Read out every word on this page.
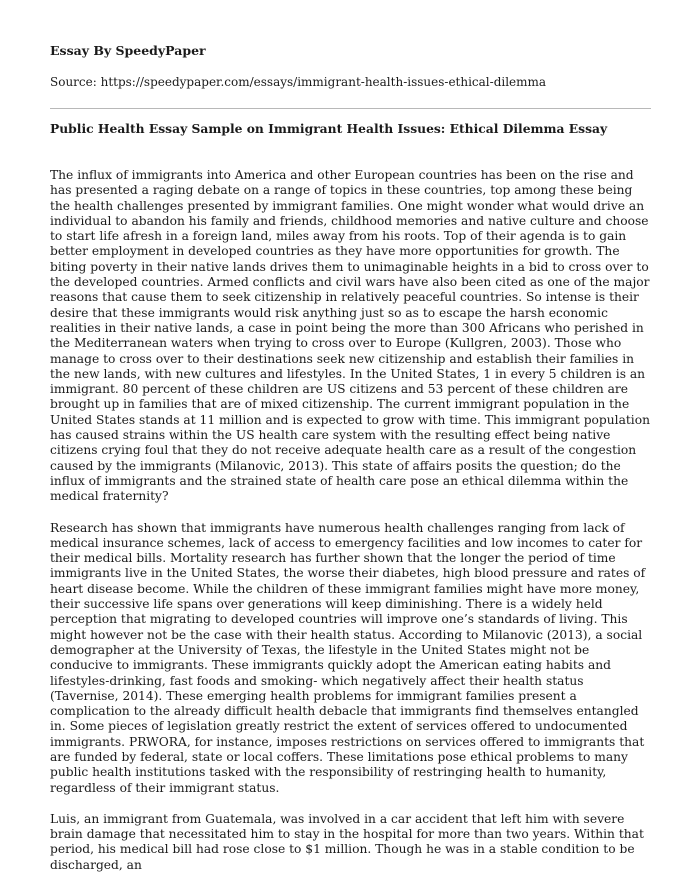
Essay By SpeedyPaper
Source: https://speedypaper.com/essays/immigrant-health-issues-ethical-dilemma
Public Health Essay Sample on Immigrant Health Issues: Ethical Dilemma Essay

The influx of immigrants into America and other European countries has been on the rise and has presented a raging debate on a range of topics in these countries, top among these being the health challenges presented by immigrant families. One might wonder what would drive an individual to abandon his family and friends, childhood memories and native culture and choose to start life afresh in a foreign land, miles away from his roots. Top of their agenda is to gain better employment in developed countries as they have more opportunities for growth. The biting poverty in their native lands drives them to unimaginable heights in a bid to cross over to the developed countries. Armed conflicts and civil wars have also been cited as one of the major reasons that cause them to seek citizenship in relatively peaceful countries. So intense is their desire that these immigrants would risk anything just so as to escape the harsh economic realities in their native lands, a case in point being the more than 300 Africans who perished in the Mediterranean waters when trying to cross over to Europe (Kullgren, 2003). Those who manage to cross over to their destinations seek new citizenship and establish their families in the new lands, with new cultures and lifestyles. In the United States, 1 in every 5 children is an immigrant. 80 percent of these children are US citizens and 53 percent of these children are brought up in families that are of mixed citizenship. The current immigrant population in the United States stands at 11 million and is expected to grow with time. This immigrant population has caused strains within the US health care system with the resulting effect being native citizens crying foul that they do not receive adequate health care as a result of the congestion caused by the immigrants (Milanovic, 2013). This state of affairs posits the question; do the influx of immigrants and the strained state of health care pose an ethical dilemma within the medical fraternity?

Research has shown that immigrants have numerous health challenges ranging from lack of medical insurance schemes, lack of access to emergency facilities and low incomes to cater for their medical bills. Mortality research has further shown that the longer the period of time immigrants live in the United States, the worse their diabetes, high blood pressure and rates of heart disease become. While the children of these immigrant families might have more money, their successive life spans over generations will keep diminishing. There is a widely held perception that migrating to developed countries will improve one’s standards of living. This might however not be the case with their health status. According to Milanovic (2013), a social demographer at the University of Texas, the lifestyle in the United States might not be conducive to immigrants. These immigrants quickly adopt the American eating habits and lifestyles-drinking, fast foods and smoking- which negatively affect their health status (Tavernise, 2014). These emerging health problems for immigrant families present a complication to the already difficult health debacle that immigrants find themselves entangled in. Some pieces of legislation greatly restrict the extent of services offered to undocumented immigrants. PRWORA, for instance, imposes restrictions on services offered to immigrants that are funded by federal, state or local coffers. These limitations pose ethical problems to many public health institutions tasked with the responsibility of restringing health to humanity, regardless of their immigrant status.

Luis, an immigrant from Guatemala, was involved in a car accident that left him with severe brain damage that necessitated him to stay in the hospital for more than two years. Within that period, his medical bill had rose close to $1 million. Though he was in a stable condition to be discharged, an
